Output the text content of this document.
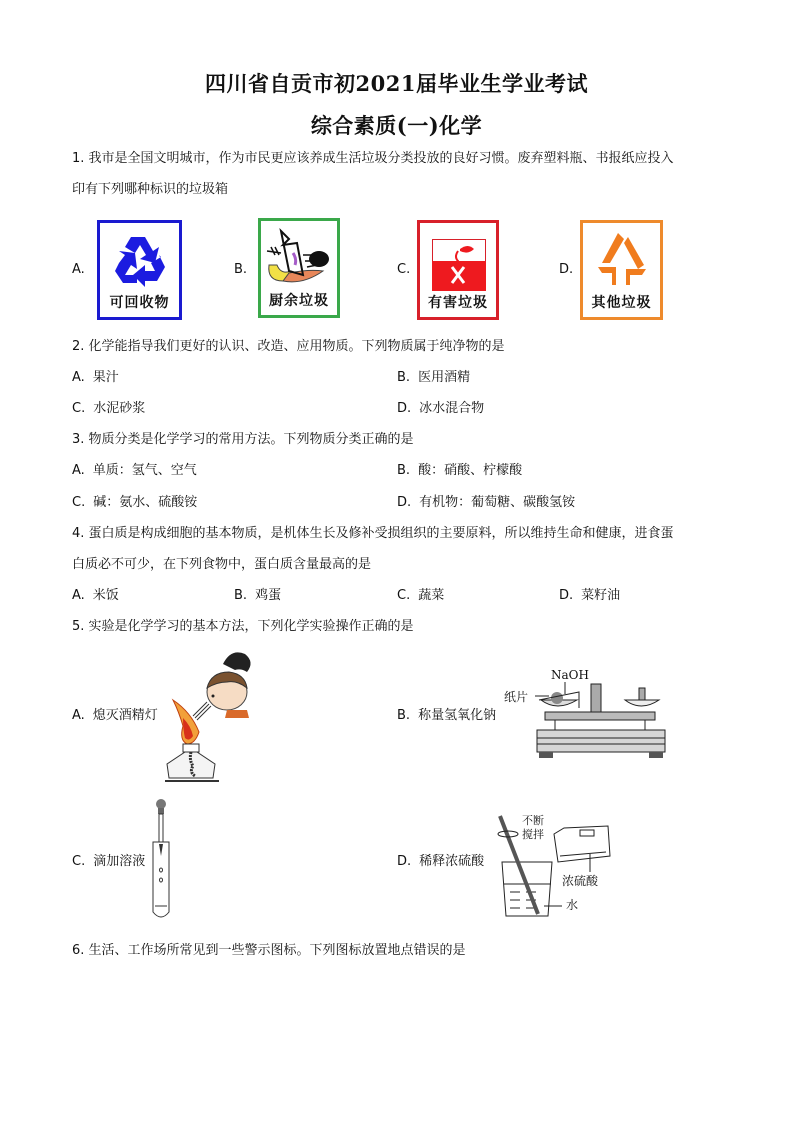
四川省自贡市初2021届毕业生学业考试
综合素质(一)化学
1. 我市是全国文明城市，作为市民更应该养成生活垃圾分类投放的良好习惯。废弃塑料瓶、书报纸应投入
印有下列哪种标识的垃圾箱
A.
可回收物
B.
厨余垃圾
C.
有害垃圾
D.
其他垃圾
2. 化学能指导我们更好的认识、改造、应用物质。下列物质属于纯净物的是
A. 果汁	B. 医用酒精
C. 水泥砂浆	D. 冰水混合物
3. 物质分类是化学学习的常用方法。下列物质分类正确的是
A. 单质：氢气、空气	B. 酸：硝酸、柠檬酸
C. 碱：氨水、硫酸铵	D. 有机物：葡萄糖、碳酸氢铵
4. 蛋白质是构成细胞的基本物质，是机体生长及修补受损组织的主要原料，所以维持生命和健康，进食蛋
白质必不可少，在下列食物中，蛋白质含量最高的是
A. 米饭	B. 鸡蛋	C. 蔬菜	D. 菜籽油
5. 实验是化学学习的基本方法，下列化学实验操作正确的是
A. 熄灭酒精灯	B. 称量氢氧化钠
NaOH
纸片
C. 滴加溶液	D. 稀释浓硫酸
不断
搅拌
浓硫酸
水
6. 生活、工作场所常见到一些警示图标。下列图标放置地点错误的是
